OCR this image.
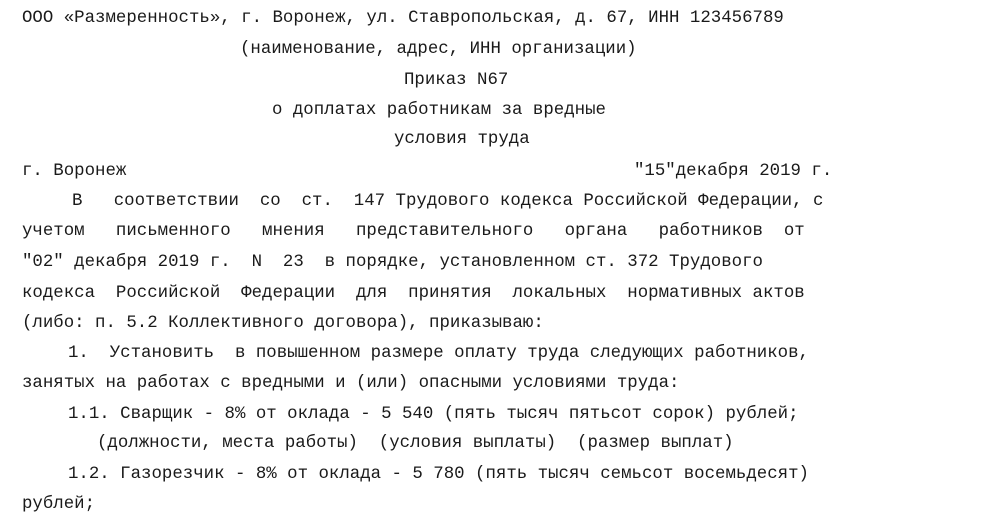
ООО «Размеренность», г. Воронеж, ул. Ставропольская, д. 67, ИНН 123456789
(наименование, адрес, ИНН организации)
Приказ N67
о доплатах работникам за вредные
условия труда
г. Воронеж	"15"декабря 2019 г.
В   соответствии  со  ст.  147 Трудового кодекса Российской Федерации, с
учетом   письменного   мнения   представительного   органа   работников  от
"02" декабря 2019 г.  N  23  в порядке, установленном ст. 372 Трудового
кодекса  Российской  Федерации  для  принятия  локальных  нормативных актов
(либо: п. 5.2 Коллективного договора), приказываю:
1.  Установить  в повышенном размере оплату труда следующих работников,
занятых на работах с вредными и (или) опасными условиями труда:
1.1. Сварщик - 8% от оклада - 5 540 (пять тысяч пятьсот сорок) рублей;
(должности, места работы)  (условия выплаты)  (размер выплат)
1.2. Газорезчик - 8% от оклада - 5 780 (пять тысяч семьсот восемьдесят)
рублей;
